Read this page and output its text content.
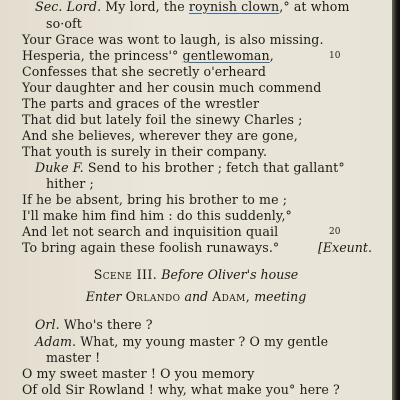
Sec. Lord. My lord, the roynish clown,° at whom
so·oft
Your Grace was wont to laugh, is also missing.
Hesperia, the princess'° gentlewoman,	10
Confesses that she secretly o'erheard
Your daughter and her cousin much commend
The parts and graces of the wrestler
That did but lately foil the sinewy Charles ;
And she believes, wherever they are gone,
That youth is surely in their company.
Duke F. Send to his brother ; fetch that gallant°
hither ;
If he be absent, bring his brother to me ;
I'll make him find him : do this suddenly,°
And let not search and inquisition quail	20
To bring again these foolish runaways.°	[Exeunt.
Scene III. Before Oliver's house
Enter Orlando and Adam, meeting
Orl. Who's there ?
Adam. What, my young master ? O my gentle
master !
O my sweet master ! O you memory
Of old Sir Rowland ! why, what make you° here ?
